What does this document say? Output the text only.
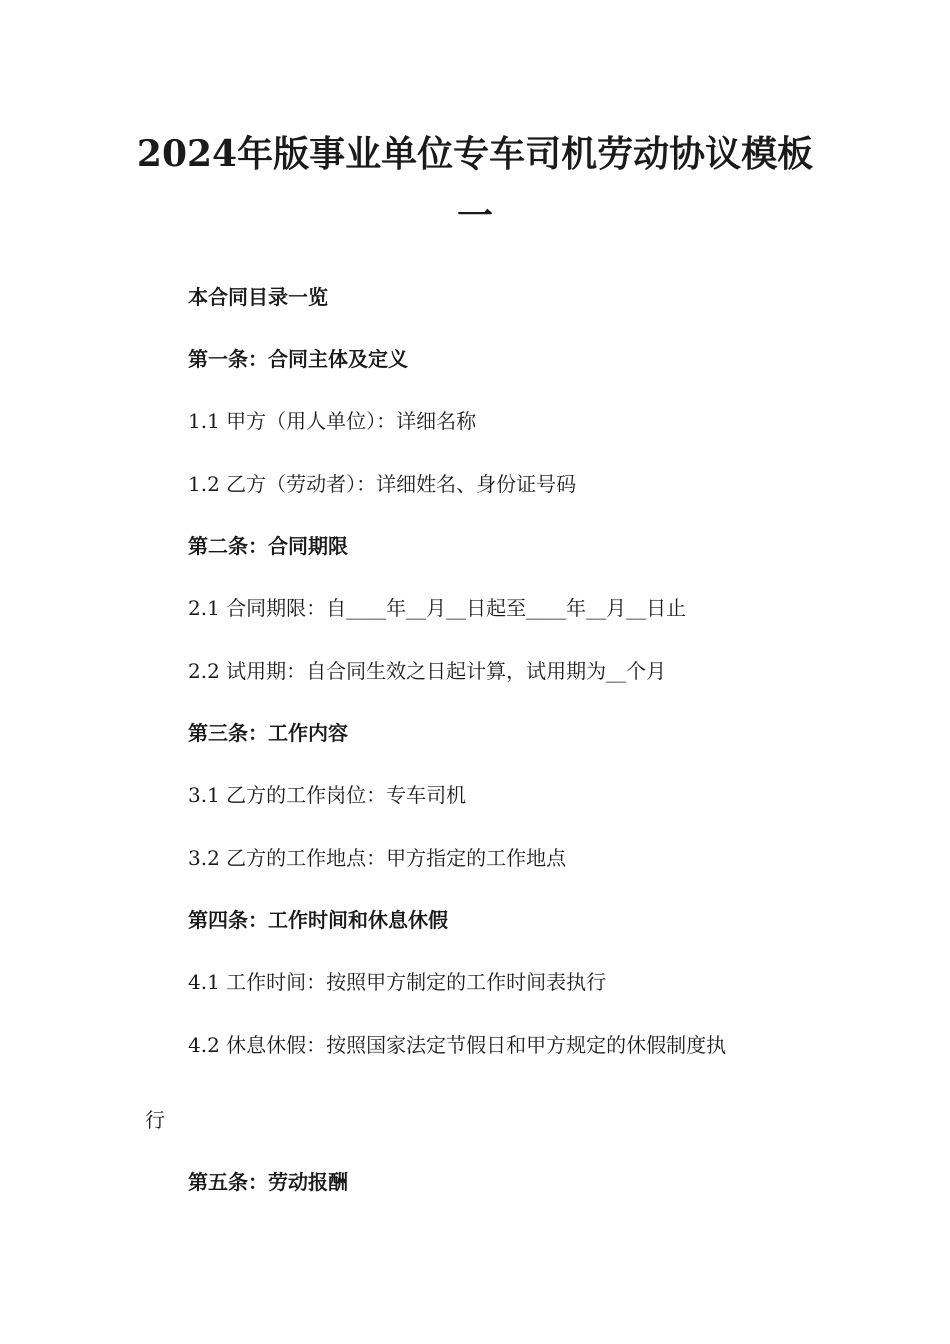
2024年版事业单位专车司机劳动协议模板
一

本合同目录一览

第一条：合同主体及定义

1.1 甲方（用人单位）：详细名称

1.2 乙方（劳动者）：详细姓名、身份证号码

第二条：合同期限

2.1 合同期限：自____年__月__日起至____年__月__日止

2.2 试用期：自合同生效之日起计算，试用期为__个月

第三条：工作内容

3.1 乙方的工作岗位：专车司机

3.2 乙方的工作地点：甲方指定的工作地点

第四条：工作时间和休息休假

4.1 工作时间：按照甲方制定的工作时间表执行

4.2 休息休假：按照国家法定节假日和甲方规定的休假制度执

行

第五条：劳动报酬
